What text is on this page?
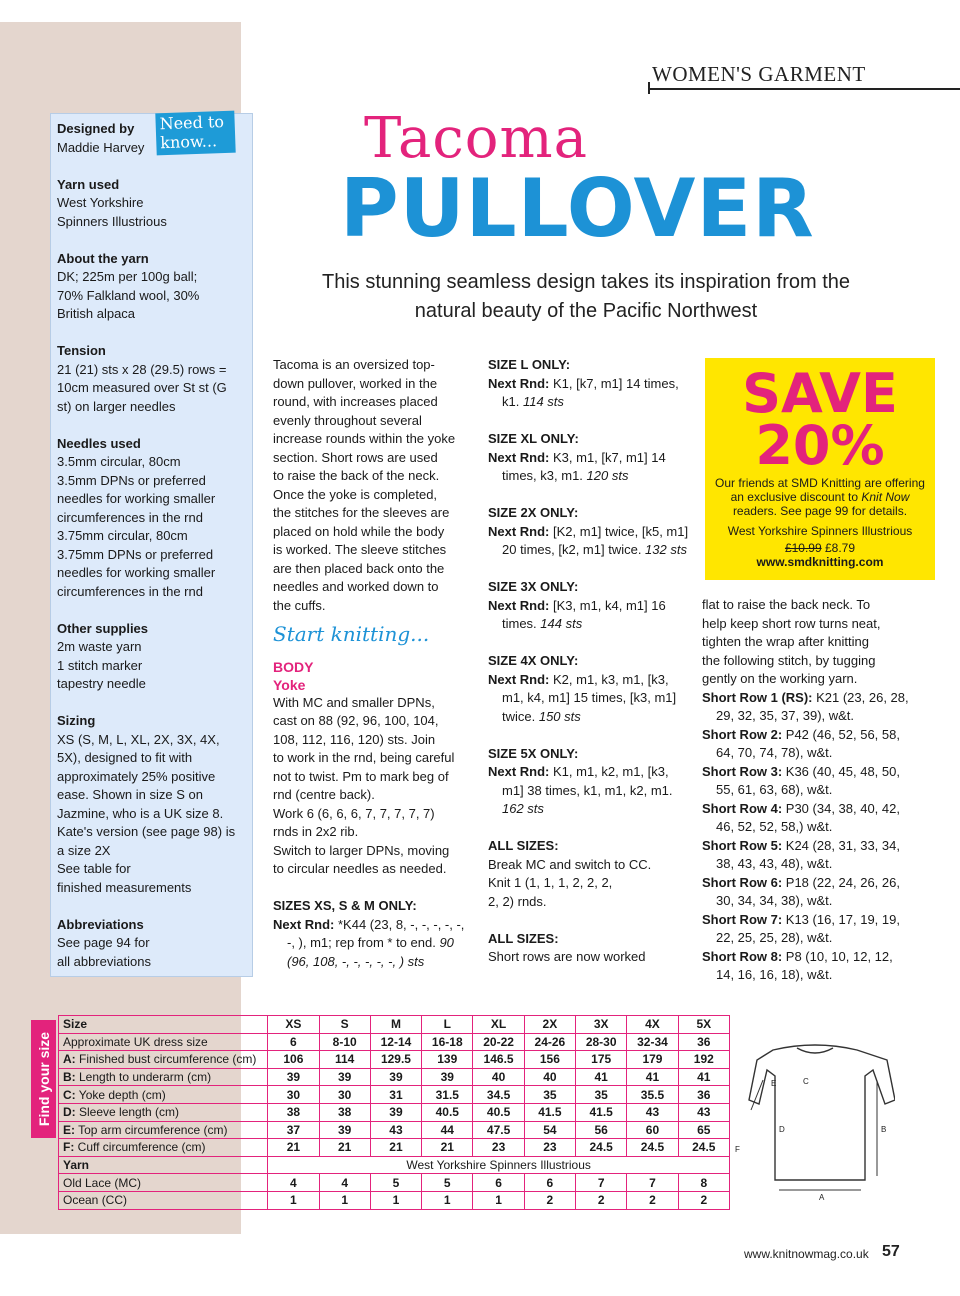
WOMEN'S GARMENT
Designed by
Maddie Harvey
Yarn used
West Yorkshire
Spinners Illustrious
About the yarn
DK; 225m per 100g ball;
70% Falkland wool, 30%
British alpaca
Tension
21 (21) sts x 28 (29.5) rows =
10cm measured over St st (G
st) on larger needles
Needles used
3.5mm circular, 80cm
3.5mm DPNs or preferred
needles for working smaller
circumferences in the rnd
3.75mm circular, 80cm
3.75mm DPNs or preferred
needles for working smaller
circumferences in the rnd
Other supplies
2m waste yarn
1 stitch marker
tapestry needle
Sizing
XS (S, M, L, XL, 2X, 3X, 4X,
5X), designed to fit with
approximately 25% positive
ease. Shown in size S on
Jazmine, who is a UK size 8.
Kate's version (see page 98) is
a size 2X
See table for
finished measurements
Abbreviations
See page 94 for
all abbreviations
Need to know...	Tacoma
PULLOVER
This stunning seamless design takes its inspiration from the natural beauty of the Pacific Northwest

Tacoma is an oversized top-

down pullover, worked in the

round, with increases placed

evenly throughout several

increase rounds within the yoke

section. Short rows are used

to raise the back of the neck.

Once the yoke is completed,

the stitches for the sleeves are

placed on hold while the body

is worked. The sleeve stitches

are then placed back onto the

needles and worked down to

the cuffs.

Start knitting...
BODY
Yoke

With MC and smaller DPNs,

cast on 88 (92, 96, 100, 104,

108, 112, 116, 120) sts. Join

to work in the rnd, being careful

not to twist. Pm to mark beg of

rnd (centre back).

Work 6 (6, 6, 6, 7, 7, 7, 7, 7)

rnds in 2x2 rib.

Switch to larger DPNs, moving

to circular needles as needed.

SIZES XS, S & M ONLY:

Next Rnd: *K44 (23, 8, -, -, -, -, -, -, ), m1; rep from * to end. 90 (96, 108, -, -, -, -, -, ) sts

SIZE L ONLY:

Next Rnd: K1, [k7, m1] 14 times, k1. 114 sts

SIZE XL ONLY:

Next Rnd: K3, m1, [k7, m1] 14 times, k3, m1. 120 sts

SIZE 2X ONLY:

Next Rnd: [K2, m1] twice, [k5, m1] 20 times, [k2, m1] twice. 132 sts

SIZE 3X ONLY:

Next Rnd: [K3, m1, k4, m1] 16 times. 144 sts

SIZE 4X ONLY:

Next Rnd: K2, m1, k3, m1, [k3, m1, k4, m1] 15 times, [k3, m1] twice. 150 sts

SIZE 5X ONLY:

Next Rnd: K1, m1, k2, m1, [k3, m1] 38 times, k1, m1, k2, m1. 162 sts

ALL SIZES:

Break MC and switch to CC.

Knit 1 (1, 1, 1, 2, 2, 2,

2, 2) rnds.

ALL SIZES:

Short rows are now worked

SAVE
20%
Our friends at SMD Knitting are offering an exclusive discount to Knit Now readers. See page 99 for details.
West Yorkshire Spinners Illustrious
£10.99 £8.79
www.smdknitting.com

flat to raise the back neck. To

help keep short row turns neat,

tighten the wrap after knitting

the following stitch, by tugging

gently on the working yarn.

Short Row 1 (RS): K21 (23, 26, 28, 29, 32, 35, 37, 39), w&t.

Short Row 2: P42 (46, 52, 56, 58, 64, 70, 74, 78), w&t.

Short Row 3: K36 (40, 45, 48, 50, 55, 61, 63, 68), w&t.

Short Row 4: P30 (34, 38, 40, 42, 46, 52, 52, 58,) w&t.

Short Row 5: K24 (28, 31, 33, 34, 38, 43, 43, 48), w&t.

Short Row 6: P18 (22, 24, 26, 26, 30, 34, 34, 38), w&t.

Short Row 7: K13 (16, 17, 19, 19, 22, 25, 25, 28), w&t.

Short Row 8: P8 (10, 10, 12, 12, 14, 16, 16, 18), w&t.

Find your size
Size	XS	S	M	L	XL	2X	3X	4X	5X
Approximate UK dress size	6	8-10	12-14	16-18	20-22	24-26	28-30	32-34	36
A: Finished bust circumference (cm)	106	114	129.5	139	146.5	156	175	179	192
B: Length to underarm (cm)	39	39	39	39	40	40	41	41	41
C: Yoke depth (cm)	30	30	31	31.5	34.5	35	35	35.5	36
D: Sleeve length (cm)	38	38	39	40.5	40.5	41.5	41.5	43	43
E: Top arm circumference (cm)	37	39	43	44	47.5	54	56	60	65
F: Cuff circumference (cm)	21	21	21	21	23	23	24.5	24.5	24.5
Yarn	West Yorkshire Spinners Illustrious								
Old Lace (MC)	4	4	5	5	6	6	7	7	8
Ocean (CC)	1	1	1	1	1	2	2	2	2	A
B
C
D
E
F
www.knitnowmag.co.uk 57
